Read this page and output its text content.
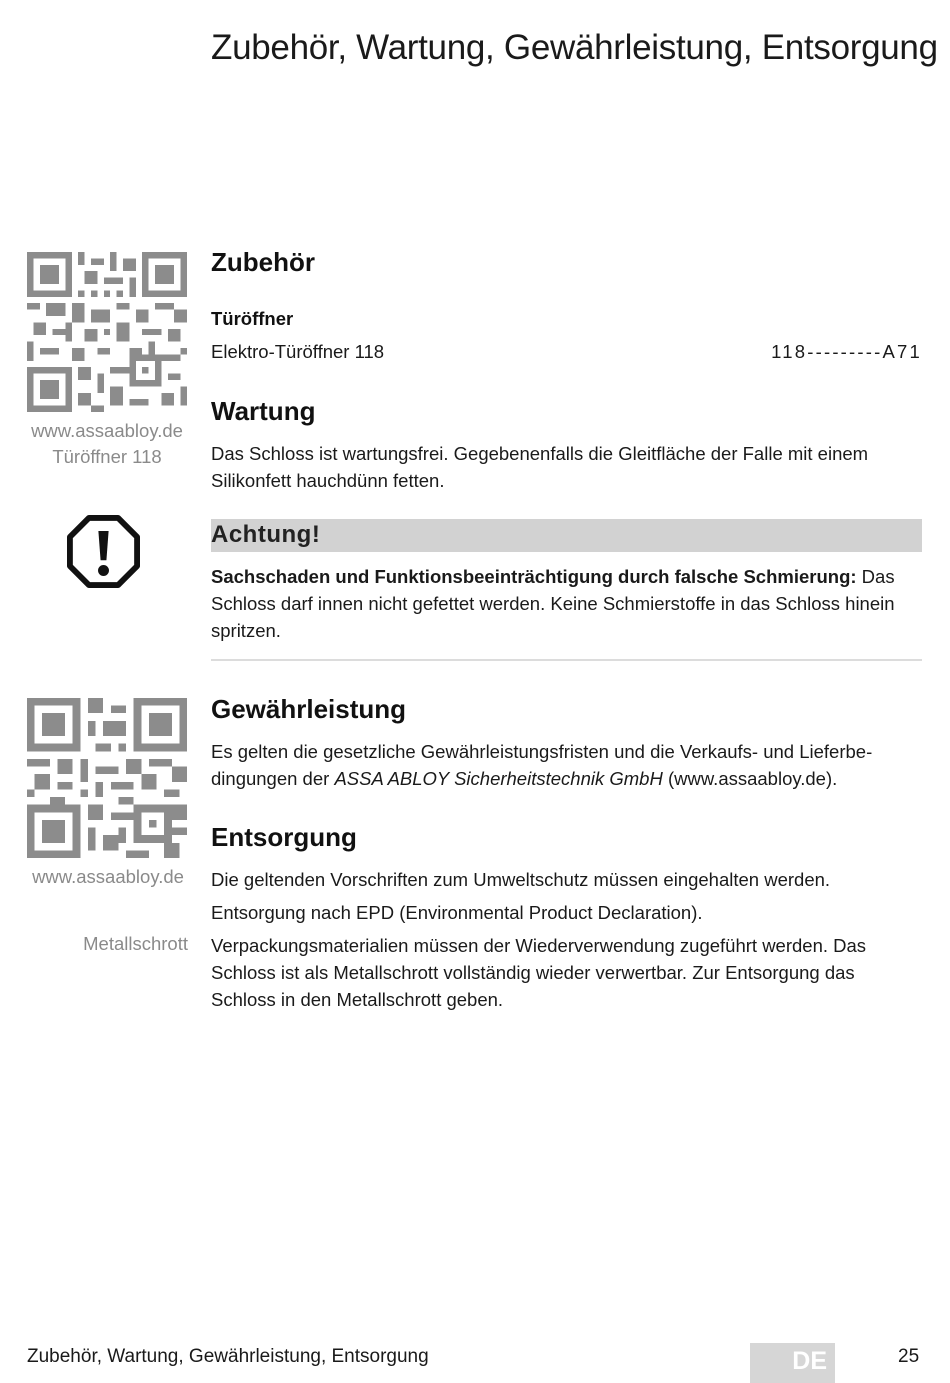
Zubehör, Wartung, Gewährleistung, Entsorgung
www.assaabloy.de
Türöffner 118
Zubehör
Türöffner
Elektro-Türöffner 118	118---------A71
Wartung
Das Schloss ist wartungsfrei. Gegebenenfalls die Gleitfläche der Falle mit einem Silikonfett hauchdünn fetten.
Achtung!
Sachschaden und Funktionsbeeinträchtigung durch falsche Schmierung: Das Schloss darf innen nicht gefettet werden. Keine Schmierstoffe in das Schloss hinein spritzen.
www.assaabloy.de
Gewährleistung
Es gelten die gesetzliche Gewährleistungsfristen und die Verkaufs- und Lieferbe-dingungen der ASSA ABLOY Sicherheitstechnik GmbH (www.assaabloy.de).
Entsorgung
Die geltenden Vorschriften zum Umweltschutz müssen eingehalten werden.
Entsorgung nach EPD (Environmental Product Declaration).
Metallschrott Verpackungsmaterialien müssen der Wiederverwendung zugeführt werden. Das Schloss ist als Metallschrott vollständig wieder verwertbar. Zur Entsorgung das Schloss in den Metallschrott geben.
Zubehör, Wartung, Gewährleistung, Entsorgung	DE	25
